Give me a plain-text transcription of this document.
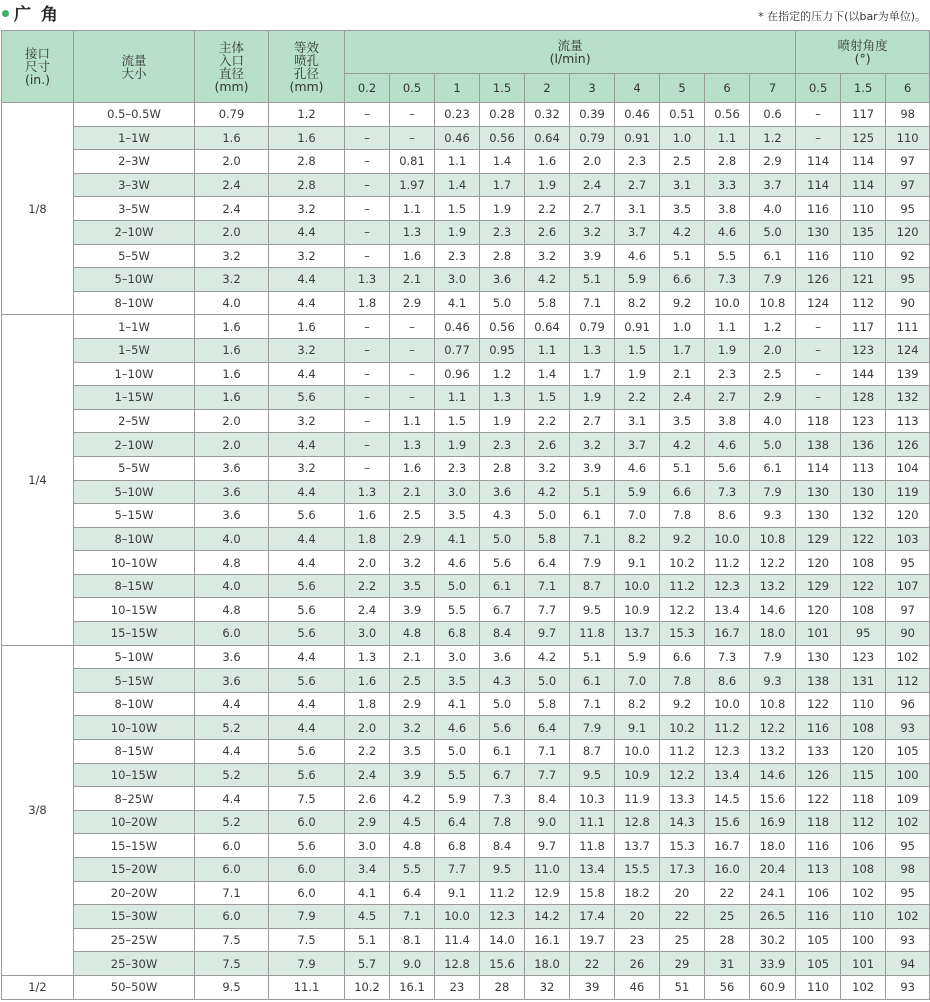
广 角	* 在指定的压力下(以bar为单位)。
接口
尺寸
(in.)	流量
大小	主体
入口
直径
(mm)	等效
喷孔
孔径
(mm)	流量
(l/min)										喷射角度
(°)		

				0.2	0.5	1	1.5	2	3	4	5	6	7	0.5	1.5	6
1/8	0.5–0.5W	0.79	1.2	–	–	0.23	0.28	0.32	0.39	0.46	0.51	0.56	0.6	–	117	98
	1–1W	1.6	1.6	–	–	0.46	0.56	0.64	0.79	0.91	1.0	1.1	1.2	–	125	110
	2–3W	2.0	2.8	–	0.81	1.1	1.4	1.6	2.0	2.3	2.5	2.8	2.9	114	114	97
	3–3W	2.4	2.8	–	1.97	1.4	1.7	1.9	2.4	2.7	3.1	3.3	3.7	114	114	97
	3–5W	2.4	3.2	–	1.1	1.5	1.9	2.2	2.7	3.1	3.5	3.8	4.0	116	110	95
	2–10W	2.0	4.4	–	1.3	1.9	2.3	2.6	3.2	3.7	4.2	4.6	5.0	130	135	120
	5–5W	3.2	3.2	–	1.6	2.3	2.8	3.2	3.9	4.6	5.1	5.5	6.1	116	110	92
	5–10W	3.2	4.4	1.3	2.1	3.0	3.6	4.2	5.1	5.9	6.6	7.3	7.9	126	121	95
	8–10W	4.0	4.4	1.8	2.9	4.1	5.0	5.8	7.1	8.2	9.2	10.0	10.8	124	112	90
1/4	1–1W	1.6	1.6	–	–	0.46	0.56	0.64	0.79	0.91	1.0	1.1	1.2	–	117	111
	1–5W	1.6	3.2	–	–	0.77	0.95	1.1	1.3	1.5	1.7	1.9	2.0	–	123	124
	1–10W	1.6	4.4	–	–	0.96	1.2	1.4	1.7	1.9	2.1	2.3	2.5	–	144	139
	1–15W	1.6	5.6	–	–	1.1	1.3	1.5	1.9	2.2	2.4	2.7	2.9	–	128	132
	2–5W	2.0	3.2	–	1.1	1.5	1.9	2.2	2.7	3.1	3.5	3.8	4.0	118	123	113
	2–10W	2.0	4.4	–	1.3	1.9	2.3	2.6	3.2	3.7	4.2	4.6	5.0	138	136	126
	5–5W	3.6	3.2	–	1.6	2.3	2.8	3.2	3.9	4.6	5.1	5.6	6.1	114	113	104
	5–10W	3.6	4.4	1.3	2.1	3.0	3.6	4.2	5.1	5.9	6.6	7.3	7.9	130	130	119
	5–15W	3.6	5.6	1.6	2.5	3.5	4.3	5.0	6.1	7.0	7.8	8.6	9.3	130	132	120
	8–10W	4.0	4.4	1.8	2.9	4.1	5.0	5.8	7.1	8.2	9.2	10.0	10.8	129	122	103
	10–10W	4.8	4.4	2.0	3.2	4.6	5.6	6.4	7.9	9.1	10.2	11.2	12.2	120	108	95
	8–15W	4.0	5.6	2.2	3.5	5.0	6.1	7.1	8.7	10.0	11.2	12.3	13.2	129	122	107
	10–15W	4.8	5.6	2.4	3.9	5.5	6.7	7.7	9.5	10.9	12.2	13.4	14.6	120	108	97
	15–15W	6.0	5.6	3.0	4.8	6.8	8.4	9.7	11.8	13.7	15.3	16.7	18.0	101	95	90
3/8	5–10W	3.6	4.4	1.3	2.1	3.0	3.6	4.2	5.1	5.9	6.6	7.3	7.9	130	123	102
	5–15W	3.6	5.6	1.6	2.5	3.5	4.3	5.0	6.1	7.0	7.8	8.6	9.3	138	131	112
	8–10W	4.4	4.4	1.8	2.9	4.1	5.0	5.8	7.1	8.2	9.2	10.0	10.8	122	110	96
	10–10W	5.2	4.4	2.0	3.2	4.6	5.6	6.4	7.9	9.1	10.2	11.2	12.2	116	108	93
	8–15W	4.4	5.6	2.2	3.5	5.0	6.1	7.1	8.7	10.0	11.2	12.3	13.2	133	120	105
	10–15W	5.2	5.6	2.4	3.9	5.5	6.7	7.7	9.5	10.9	12.2	13.4	14.6	126	115	100
	8–25W	4.4	7.5	2.6	4.2	5.9	7.3	8.4	10.3	11.9	13.3	14.5	15.6	122	118	109
	10–20W	5.2	6.0	2.9	4.5	6.4	7.8	9.0	11.1	12.8	14.3	15.6	16.9	118	112	102
	15–15W	6.0	5.6	3.0	4.8	6.8	8.4	9.7	11.8	13.7	15.3	16.7	18.0	116	106	95
	15–20W	6.0	6.0	3.4	5.5	7.7	9.5	11.0	13.4	15.5	17.3	16.0	20.4	113	108	98
	20–20W	7.1	6.0	4.1	6.4	9.1	11.2	12.9	15.8	18.2	20	22	24.1	106	102	95
	15–30W	6.0	7.9	4.5	7.1	10.0	12.3	14.2	17.4	20	22	25	26.5	116	110	102
	25–25W	7.5	7.5	5.1	8.1	11.4	14.0	16.1	19.7	23	25	28	30.2	105	100	93
	25–30W	7.5	7.9	5.7	9.0	12.8	15.6	18.0	22	26	29	31	33.9	105	101	94
1/2	50–50W	9.5	11.1	10.2	16.1	23	28	32	39	46	51	56	60.9	110	102	93
